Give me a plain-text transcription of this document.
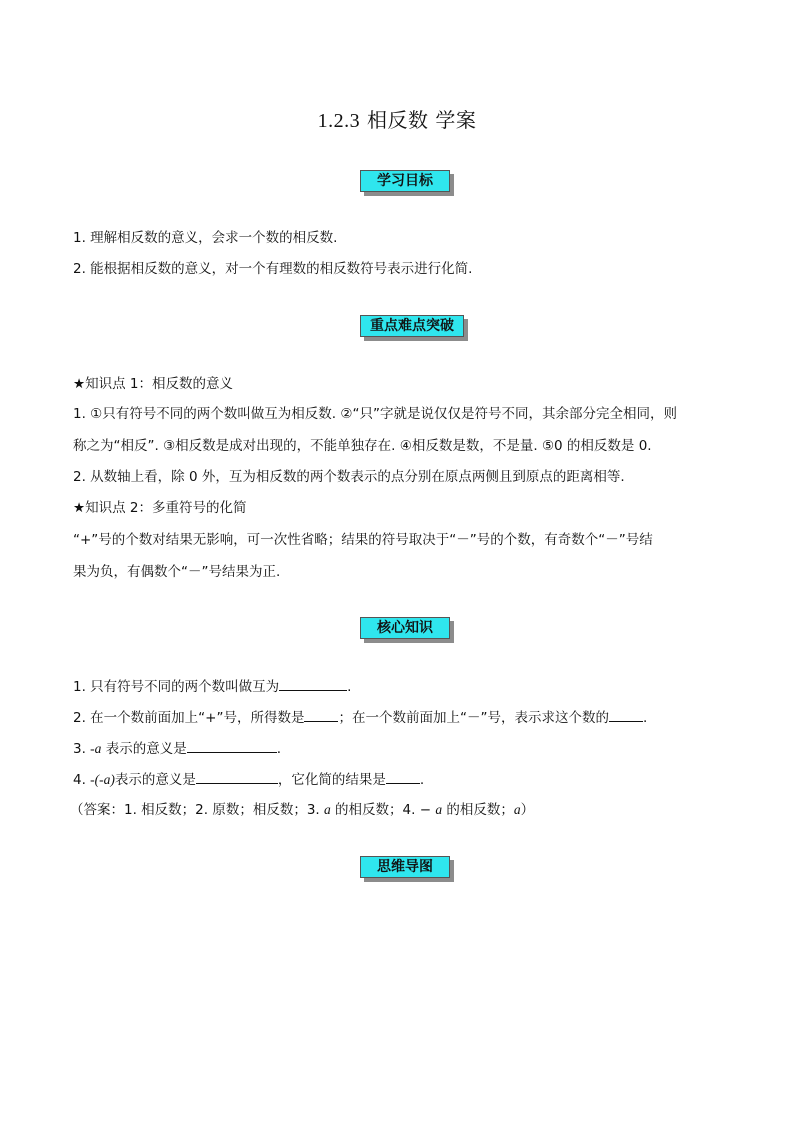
1.2.3 相反数 学案
学习目标
1. 理解相反数的意义，会求一个数的相反数.
2. 能根据相反数的意义，对一个有理数的相反数符号表示进行化简.
重点难点突破
★知识点 1：相反数的意义
1. ①只有符号不同的两个数叫做互为相反数. ②“只”字就是说仅仅是符号不同，其余部分完全相同，则
称之为“相反”. ③相反数是成对出现的，不能单独存在. ④相反数是数，不是量. ⑤0 的相反数是 0.
2. 从数轴上看，除 0 外，互为相反数的两个数表示的点分别在原点两侧且到原点的距离相等.
★知识点 2：多重符号的化简
“+”号的个数对结果无影响，可一次性省略；结果的符号取决于“－”号的个数，有奇数个“－”号结
果为负，有偶数个“－”号结果为正.
核心知识
1. 只有符号不同的两个数叫做互为	.
2. 在一个数前面加上“+”号，所得数是	；在一个数前面加上“－”号，表示求这个数的	.
3. -a 表示的意义是	.
4. -(-a)表示的意义是	，它化简的结果是	.
（答案：1. 相反数；2. 原数；相反数；3. a 的相反数；4. − a 的相反数；a）
思维导图
